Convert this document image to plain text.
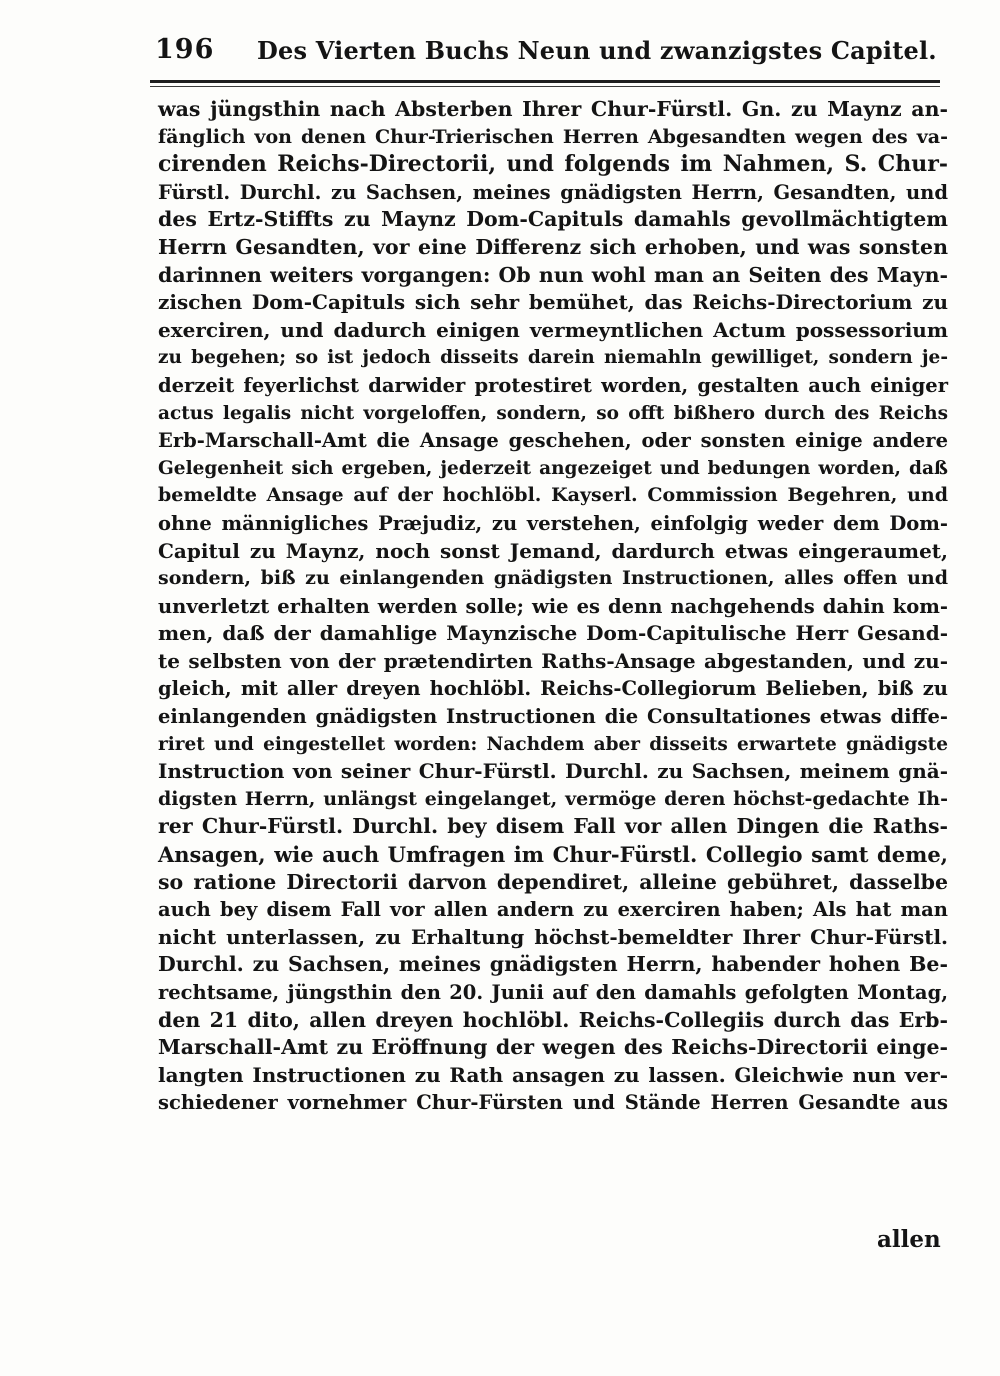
196 Des Vierten Buchs Neun und zwanzigstes Capitel.
was jüngsthin nach Absterben Ihrer Chur-Fürstl. Gn. zu Maynz an-
fänglich von denen Chur-Trierischen Herren Abgesandten wegen des va-
cirenden Reichs-Directorii, und folgends im Nahmen, S. Chur-
Fürstl. Durchl. zu Sachsen, meines gnädigsten Herrn, Gesandten, und
des Ertz-Stiffts zu Maynz Dom-Capituls damahls gevollmächtigtem
Herrn Gesandten, vor eine Differenz sich erhoben, und was sonsten
darinnen weiters vorgangen: Ob nun wohl man an Seiten des Mayn-
zischen Dom-Capituls sich sehr bemühet, das Reichs-Directorium zu
exerciren, und dadurch einigen vermeyntlichen Actum possessorium
zu begehen; so ist jedoch disseits darein niemahln gewilliget, sondern je-
derzeit feyerlichst darwider protestiret worden, gestalten auch einiger
actus legalis nicht vorgeloffen, sondern, so offt bißhero durch des Reichs
Erb-Marschall-Amt die Ansage geschehen, oder sonsten einige andere
Gelegenheit sich ergeben, jederzeit angezeiget und bedungen worden, daß
bemeldte Ansage auf der hochlöbl. Kayserl. Commission Begehren, und
ohne männigliches Præjudiz, zu verstehen, einfolgig weder dem Dom-
Capitul zu Maynz, noch sonst Jemand, dardurch etwas eingeraumet,
sondern, biß zu einlangenden gnädigsten Instructionen, alles offen und
unverletzt erhalten werden solle; wie es denn nachgehends dahin kom-
men, daß der damahlige Maynzische Dom-Capitulische Herr Gesand-
te selbsten von der prætendirten Raths-Ansage abgestanden, und zu-
gleich, mit aller dreyen hochlöbl. Reichs-Collegiorum Belieben, biß zu
einlangenden gnädigsten Instructionen die Consultationes etwas diffe-
riret und eingestellet worden: Nachdem aber disseits erwartete gnädigste
Instruction von seiner Chur-Fürstl. Durchl. zu Sachsen, meinem gnä-
digsten Herrn, unlängst eingelanget, vermöge deren höchst-gedachte Ih-
rer Chur-Fürstl. Durchl. bey disem Fall vor allen Dingen die Raths-
Ansagen, wie auch Umfragen im Chur-Fürstl. Collegio samt deme,
so ratione Directorii darvon dependiret, alleine gebühret, dasselbe
auch bey disem Fall vor allen andern zu exerciren haben; Als hat man
nicht unterlassen, zu Erhaltung höchst-bemeldter Ihrer Chur-Fürstl.
Durchl. zu Sachsen, meines gnädigsten Herrn, habender hohen Be-
rechtsame, jüngsthin den 20. Junii auf den damahls gefolgten Montag,
den 21 dito, allen dreyen hochlöbl. Reichs-Collegiis durch das Erb-
Marschall-Amt zu Eröffnung der wegen des Reichs-Directorii einge-
langten Instructionen zu Rath ansagen zu lassen. Gleichwie nun ver-
schiedener vornehmer Chur-Fürsten und Stände Herren Gesandte aus
allen
